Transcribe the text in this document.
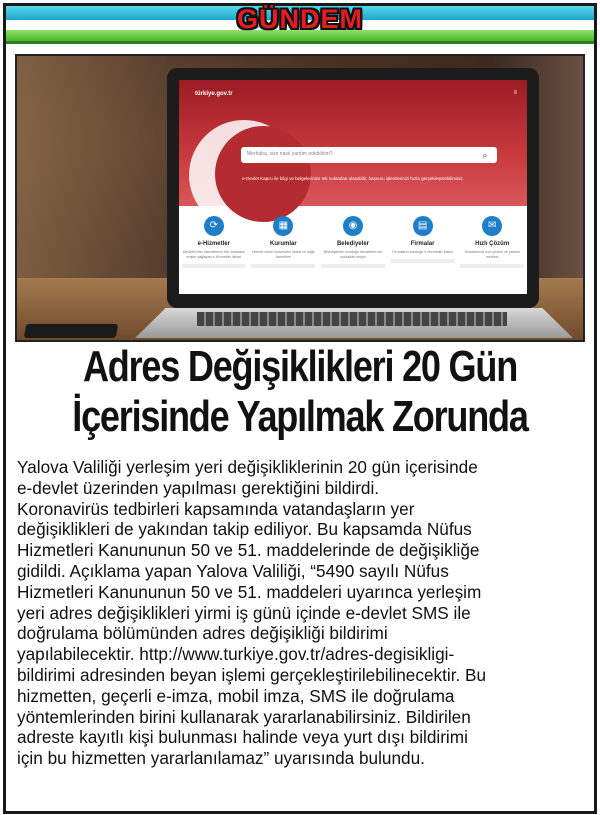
GÜNDEM
türkiye.gov.tr	≡
Merhaba, size nasıl yardım edebilirim?	⌕
e-Devlet Kapısı ile bilgi ve belgelerinize tek noktadan ulaşabilir, başvuru işlemlerinizi hızla gerçekleştirebilirsiniz.
⟳
e-Hizmetler
Devletin tüm hizmetlerine tek noktadan erişim sağlayan e-Hizmetler listesi
▦
Kurumlar
Hizmet veren kurumların listesi ve bağlı hizmetleri
◉
Belediyeler
Belediyelerin sunduğu hizmetlere tek noktadan erişim
▤
Firmalar
Firmaların sunduğu e-Hizmetler listesi
✉
Hızlı Çözüm
Sorularınıza hızlı çözüm ve yardım merkezi
Adres Değişiklikleri 20 Gün
İçerisinde Yapılmak Zorunda
Yalova Valiliği yerleşim yeri değişikliklerinin 20 gün içerisinde
e-devlet üzerinden yapılması gerektiğini bildirdi.
Koronavirüs tedbirleri kapsamında vatandaşların yer
değişiklikleri de yakından takip ediliyor. Bu kapsamda Nüfus
Hizmetleri Kanununun 50 ve 51. maddelerinde de değişikliğe
gidildi. Açıklama yapan Yalova Valiliği, “5490 sayılı Nüfus
Hizmetleri Kanununun 50 ve 51. maddeleri uyarınca yerleşim
yeri adres değişiklikleri yirmi iş günü içinde e-devlet SMS ile
doğrulama bölümünden adres değişikliği bildirimi
yapılabilecektir. http://www.turkiye.gov.tr/adres-degisikligi-
bildirimi adresinden beyan işlemi gerçekleştirilebilinecektir. Bu
hizmetten, geçerli e-imza, mobil imza, SMS ile doğrulama
yöntemlerinden birini kullanarak yararlanabilirsiniz. Bildirilen
adreste kayıtlı kişi bulunması halinde veya yurt dışı bildirimi
için bu hizmetten yararlanılamaz” uyarısında bulundu.
